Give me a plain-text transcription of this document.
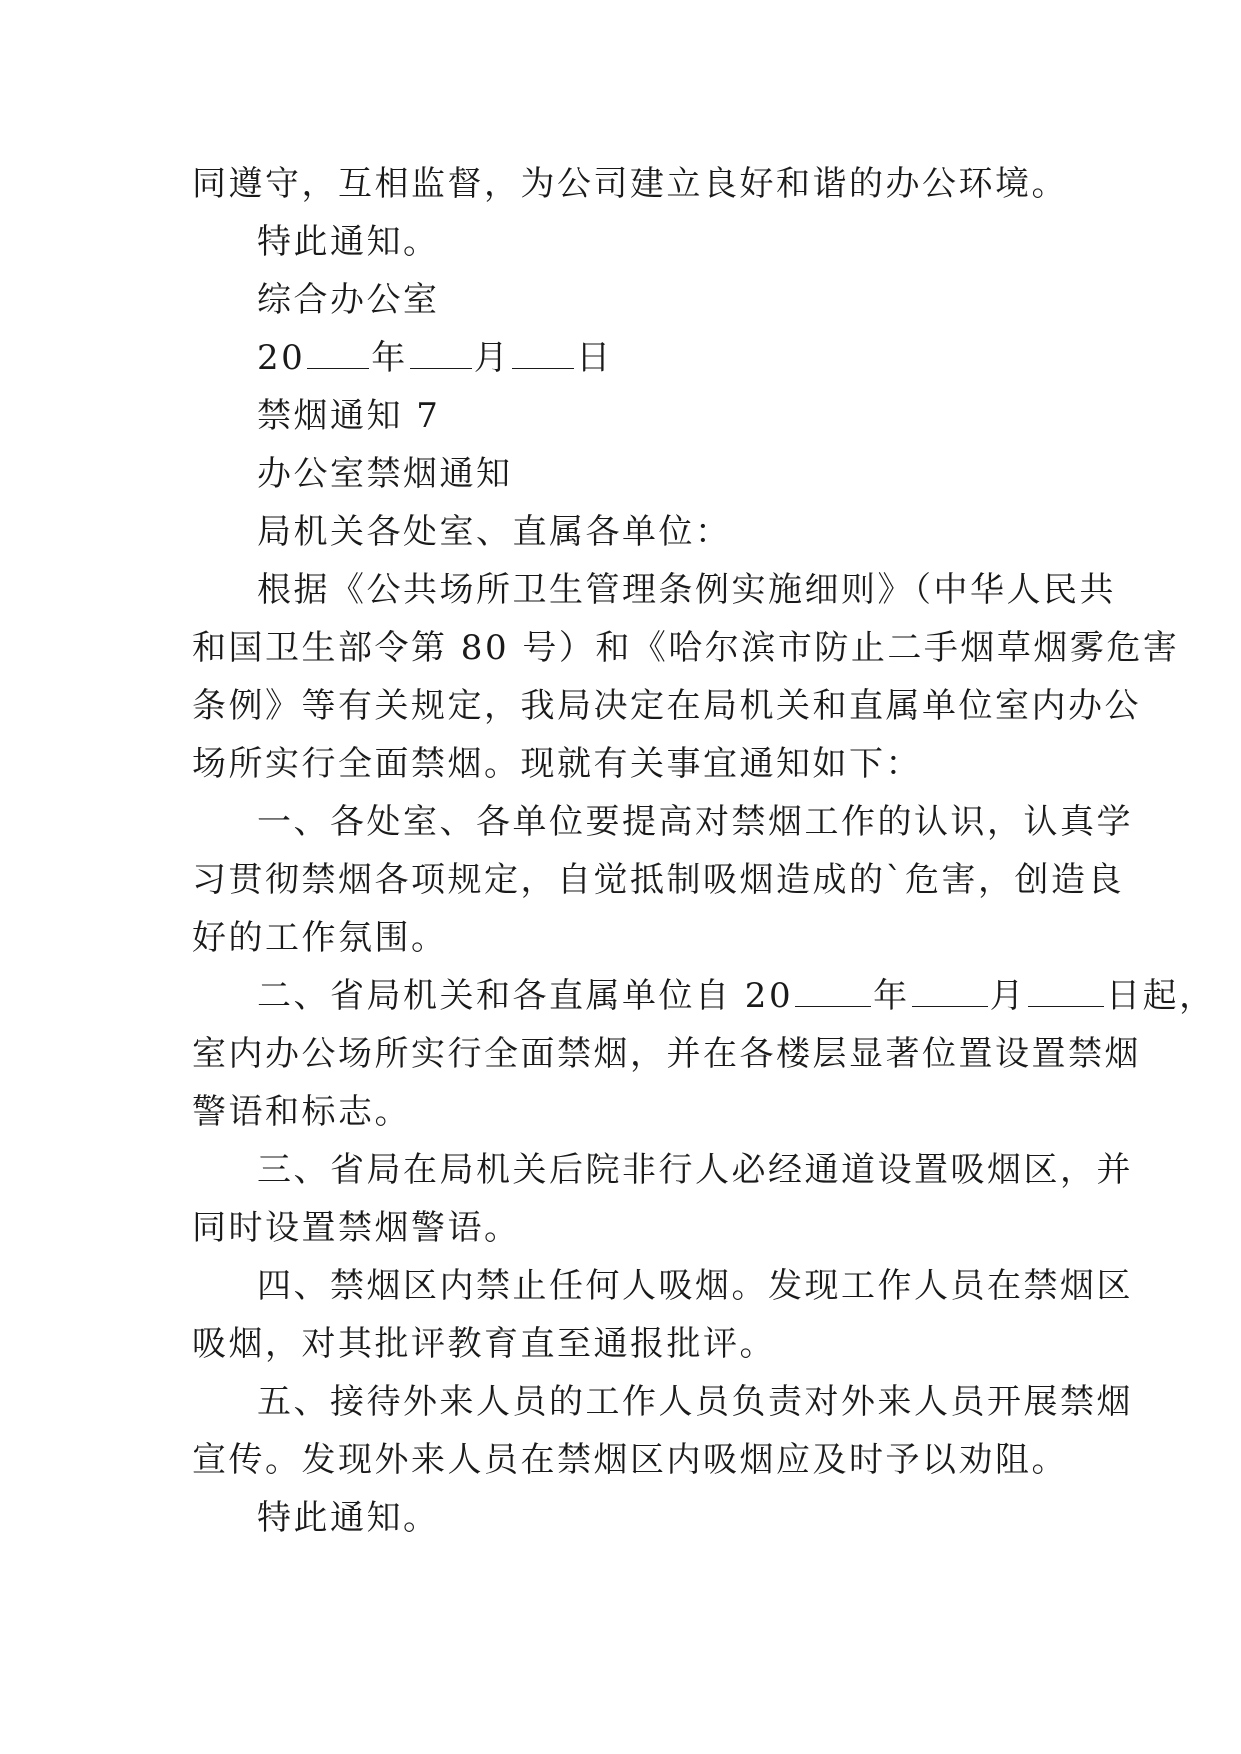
同遵守，互相监督，为公司建立良好和谐的办公环境。
特此通知。
综合办公室
20 年 月 日
禁烟通知 7
办公室禁烟通知
局机关各处室、直属各单位：
根据《公共场所卫生管理条例实施细则》（中华人民共
和国卫生部令第 80 号）和《哈尔滨市防止二手烟草烟雾危害
条例》等有关规定，我局决定在局机关和直属单位室内办公
场所实行全面禁烟。现就有关事宜通知如下：
一、各处室、各单位要提高对禁烟工作的认识，认真学
习贯彻禁烟各项规定，自觉抵制吸烟造成的`危害，创造良
好的工作氛围。
二、省局机关和各直属单位自 20 年 月 日起，
室内办公场所实行全面禁烟，并在各楼层显著位置设置禁烟
警语和标志。
三、省局在局机关后院非行人必经通道设置吸烟区，并
同时设置禁烟警语。
四、禁烟区内禁止任何人吸烟。发现工作人员在禁烟区
吸烟，对其批评教育直至通报批评。
五、接待外来人员的工作人员负责对外来人员开展禁烟
宣传。发现外来人员在禁烟区内吸烟应及时予以劝阻。
特此通知。
